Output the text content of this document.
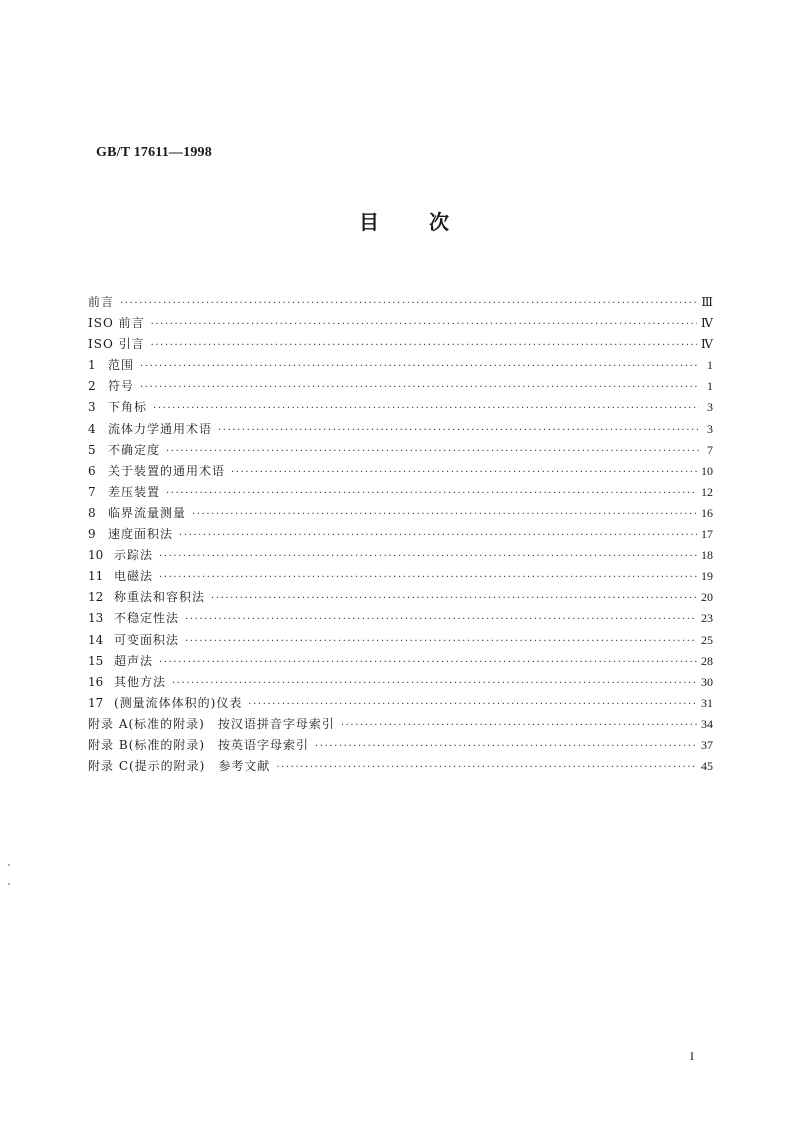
GB/T 17611—1998
目	次
前言 ·····	Ⅲ
ISO 前言 ·····	Ⅳ
ISO 引言 ·····	Ⅳ
1	范围 ·····	1
2	符号 ·····	1
3	下角标 ·····	3
4	流体力学通用术语 ·····	3
5	不确定度 ·····	7
6	关于装置的通用术语 ·····	10
7	差压装置 ·····	12
8	临界流量测量 ·····	16
9	速度面积法 ·····	17
10 示踪法 ·····	18
11 电磁法 ·····	19
12 称重法和容积法 ·····	20
13 不稳定性法 ·····	23
14 可变面积法 ·····	25
15 超声法 ·····	28
16 其他方法 ·····	30
17 (测量流体体积的)仪表 ·····	31
附录 A(标准的附录)　按汉语拼音字母索引 ·····	34
附录 B(标准的附录)　按英语字母索引 ·····	37
附录 C(提示的附录)　参考文献 ·····	45
I
